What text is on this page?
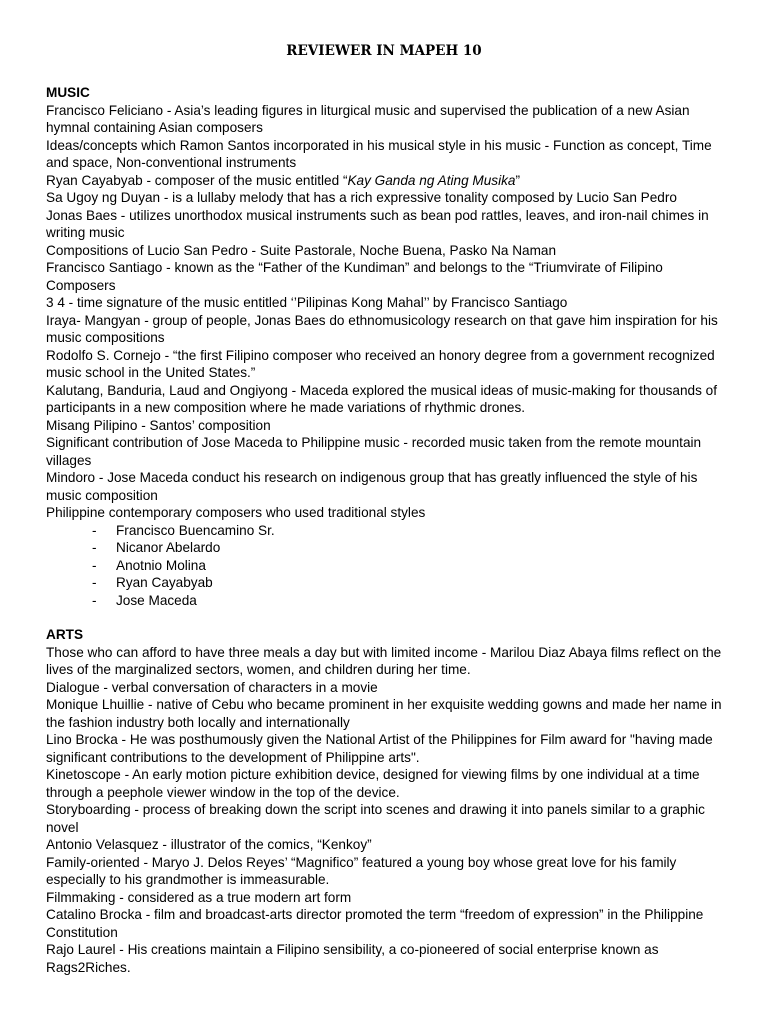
REVIEWER IN MAPEH 10
MUSIC
Francisco Feliciano - Asia’s leading figures in liturgical music and supervised the publication of a new Asian hymnal containing Asian composers
Ideas/concepts which Ramon Santos incorporated in his musical style in his music - Function as concept, Time and space, Non-conventional instruments
Ryan Cayabyab - composer of the music entitled “Kay Ganda ng Ating Musika”
Sa Ugoy ng Duyan - is a lullaby melody that has a rich expressive tonality composed by Lucio San Pedro
Jonas Baes - utilizes unorthodox musical instruments such as bean pod rattles, leaves, and iron-nail chimes in writing music
Compositions of Lucio San Pedro - Suite Pastorale, Noche Buena, Pasko Na Naman
Francisco Santiago - known as the “Father of the Kundiman” and belongs to the “Triumvirate of Filipino Composers
3 4 - time signature of the music entitled ‘’Pilipinas Kong Mahal’’ by Francisco Santiago
Iraya- Mangyan - group of people, Jonas Baes do ethnomusicology research on that gave him inspiration for his music compositions
Rodolfo S. Cornejo - “the first Filipino composer who received an honory degree from a government recognized music school in the United States.”
Kalutang, Banduria, Laud and Ongiyong - Maceda explored the musical ideas of music-making for thousands of participants in a new composition where he made variations of rhythmic drones.
Misang Pilipino - Santos’ composition
Significant contribution of Jose Maceda to Philippine music - recorded music taken from the remote mountain villages
Mindoro - Jose Maceda conduct his research on indigenous group that has greatly influenced the style of his music composition
Philippine contemporary composers who used traditional styles
- Francisco Buencamino Sr.
- Nicanor Abelardo
- Anotnio Molina
- Ryan Cayabyab
- Jose Maceda
ARTS
Those who can afford to have three meals a day but with limited income - Marilou Diaz Abaya films reflect on the lives of the marginalized sectors, women, and children during her time.
Dialogue - verbal conversation of characters in a movie
Monique Lhuillie - native of Cebu who became prominent in her exquisite wedding gowns and made her name in the fashion industry both locally and internationally
Lino Brocka - He was posthumously given the National Artist of the Philippines for Film award for "having made significant contributions to the development of Philippine arts".
Kinetoscope - An early motion picture exhibition device, designed for viewing films by one individual at a time through a peephole viewer window in the top of the device.
Storyboarding - process of breaking down the script into scenes and drawing it into panels similar to a graphic novel
Antonio Velasquez - illustrator of the comics, “Kenkoy”
Family-oriented - Maryo J. Delos Reyes’ “Magnifico” featured a young boy whose great love for his family especially to his grandmother is immeasurable.
Filmmaking - considered as a true modern art form
Catalino Brocka - film and broadcast-arts director promoted the term “freedom of expression” in the Philippine Constitution
Rajo Laurel - His creations maintain a Filipino sensibility, a co-pioneered of social enterprise known as Rags2Riches.
